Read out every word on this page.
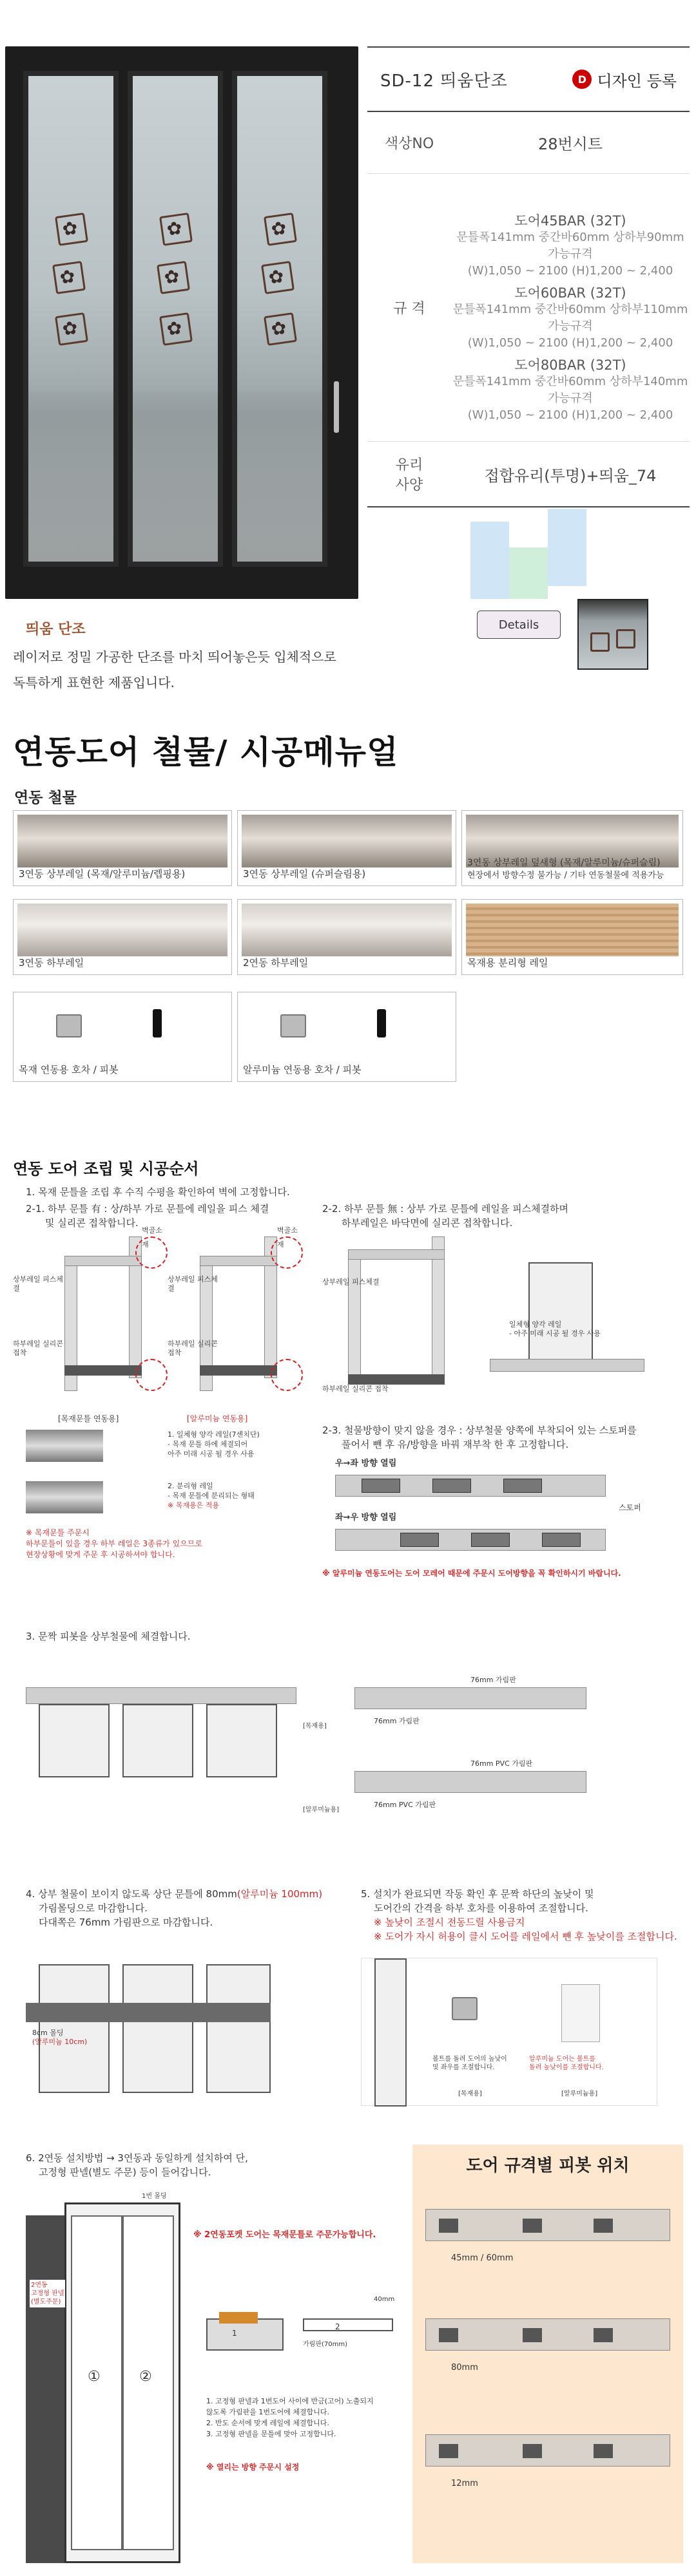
✿
✿
✿
✿
✿
✿
✿
✿
✿
SD-12 띄움단조	D 디자인 등록
색상NO	28번시트
규 격
도어45BAR (32T)
문틀폭141mm 중간바60mm 상하부90mm
가능규격
(W)1,050 ~ 2100 (H)1,200 ~ 2,400
도어60BAR (32T)
문틀폭141mm 중간바60mm 상하부110mm
가능규격
(W)1,050 ~ 2100 (H)1,200 ~ 2,400
도어80BAR (32T)
문틀폭141mm 중간바60mm 상하부140mm
가능규격
(W)1,050 ~ 2100 (H)1,200 ~ 2,400
유리
사양
접합유리(투명)+띄움_74
띄움 단조	Details
레이저로 정밀 가공한 단조를 마치 띄어놓은듯 입체적으로
독특하게 표현한 제품입니다.
연동도어 철물/ 시공메뉴얼
연동 철물
3연동 상부레일 (목재/알루미늄/렙핑용)	3연동 상부레일 (슈퍼슬림용)
3연동 상부레일 덮새형 (목재/알루미늄/슈퍼슬림)
현장에서 방향수정 불가능 / 기타 연동철물에 적용가능
3연동 하부레일	2연동 하부레일	목재용 분리형 레일
목재 연동용 호차 / 피봇	알루미늄 연동용 호차 / 피봇
연동 도어 조립 및 시공순서
1. 목재 문틀을 조립 후 수직 수평을 확인하여 벽에 고정합니다.
2-1. 하부 문틀 有 : 상/하부 가로 문틀에 레일을 피스 체결
및 실리콘 접착합니다.
2-2. 하부 문틀 無 : 상부 가로 문틀에 레일을 피스체결하며
하부레일은 바닥면에 실리콘 접착합니다.
상부레일 피스체결
하부레일 실리콘 접착
벽골소재
상부레일 피스체결
하부레일 실리콘 접착
벽골소재
[목재문틀 연동용]	[알루미늄 연동용]
상부레일 피스체결
하부레일 실리콘 접착
일체형 양각 레일
- 아주 미래 시공 될 경우 사용
1. 일체형 양각 레일(7센치단)
- 목재 문틀 하에 체결되어
아주 미래 시공 될 경우 사용
2. 분리형 레일
- 목재 문틀에 분리되는 형태
※ 목재용은 적용
※ 목재문틀 주문시
하부문틀이 있을 경우 하부 레일은 3종류가 있으므로
현장상황에 맞게 주문 후 시공하셔야 합니다.
2-3. 철물방향이 맞지 않을 경우 : 상부철물 양쪽에 부착되어 있는 스토퍼를
풀어서 뺀 후 유/방향을 바꿔 재부착 한 후 고정합니다.
우→좌 방향 열림
좌→우 방향 열림
스토퍼
※ 알루미늄 연동도어는 도어 모레어 때문에 주문시 도어방향을 꼭 확인하시기 바랍니다.
3. 문짝 피봇을 상부철물에 체결합니다.
76mm 가림판
76mm 가림판
76mm PVC 가림판
76mm PVC 가림판
[목재용]
[알루미늄용]
4. 상부 철물이 보이지 않도록 상단 문틀에 80mm(알루미늄 100mm)
가림몰딩으로 마감합니다.
다대쪽은 76mm 가림판으로 마감합니다.
8cm 몰딩
(알루미늄 10cm)
5. 설치가 완료되면 작동 확인 후 문짝 하단의 높낮이 및
도어간의 간격을 하부 호차를 이용하여 조절합니다.
※ 높낮이 조절시 전동드릴 사용금지
※ 도어가 자시 허용이 클시 도어를 레일에서 뺀 후 높낮이를 조절합니다.
볼트를 돌려 도어의 높낮이
및 좌우를 조절합니다.
알루미늄 도어는 볼트를
돌려 높낮이를 조절합니다.
[목재용]	[알루미늄용]
6. 2연동 설치방법 → 3연동과 동일하게 설치하여 단,
고정형 판넬(별도 주문) 등이 들어갑니다.
①	②
1번 몰딩
2연동
고정형 판넬
(별도주문)
※ 2연동포켓 도어는 목재문틀로 주문가능합니다.
가림판(70mm)
40mm
1
2
1. 고정형 판넬과 1번도어 사이에 반금(고어) 노출되지
않도록 가림판을 1번도어에 체결합니다.
2. 반도 순서에 맞게 레일에 체결합니다.
3. 고정형 판넬을 문틀에 맞아 고정합니다.
※ 열리는 방향 주문시 설정
도어 규격별 피봇 위치
45mm / 60mm
80mm
12mm
